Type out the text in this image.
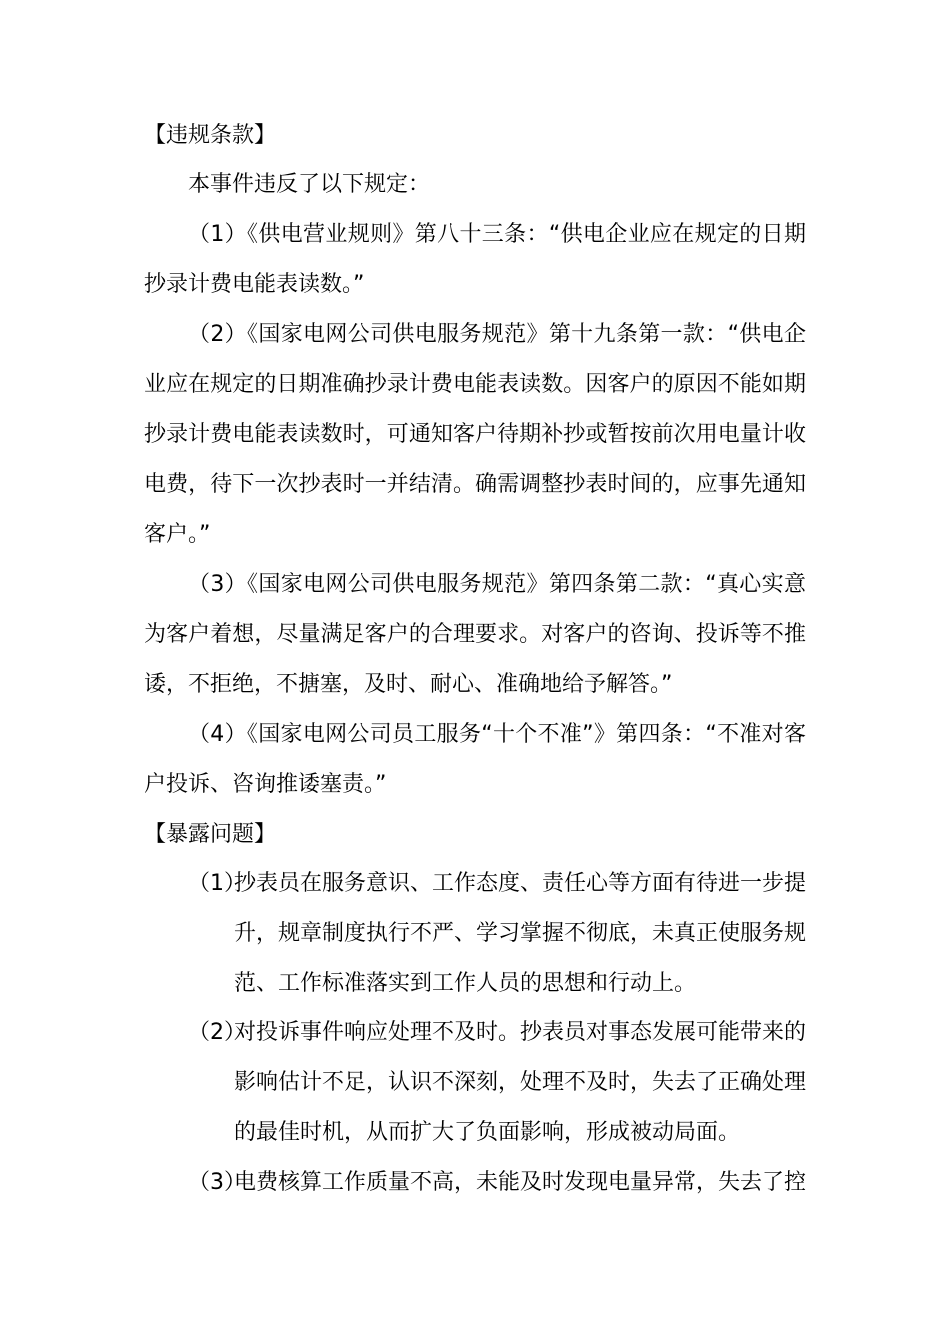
【违规条款】

本事件违反了以下规定：

（1）《供电营业规则》第八十三条：“供电企业应在规定的日期抄录计费电能表读数。”

（2）《国家电网公司供电服务规范》第十九条第一款：“供电企业应在规定的日期准确抄录计费电能表读数。因客户的原因不能如期抄录计费电能表读数时，可通知客户待期补抄或暂按前次用电量计收电费，待下一次抄表时一并结清。确需调整抄表时间的，应事先通知客户。”

（3）《国家电网公司供电服务规范》第四条第二款：“真心实意为客户着想，尽量满足客户的合理要求。对客户的咨询、投诉等不推诿，不拒绝，不搪塞，及时、耐心、准确地给予解答。”

（4）《国家电网公司员工服务“十个不准”》第四条：“不准对客户投诉、咨询推诿塞责。”

【暴露问题】
（1）
抄表员在服务意识、工作态度、责任心等方面有待进一步提升，规章制度执行不严、学习掌握不彻底，未真正使服务规范、工作标准落实到工作人员的思想和行动上。
（2）
对投诉事件响应处理不及时。抄表员对事态发展可能带来的影响估计不足，认识不深刻，处理不及时，失去了正确处理的最佳时机，从而扩大了负面影响，形成被动局面。
（3）
电费核算工作质量不高，未能及时发现电量异常，失去了控
